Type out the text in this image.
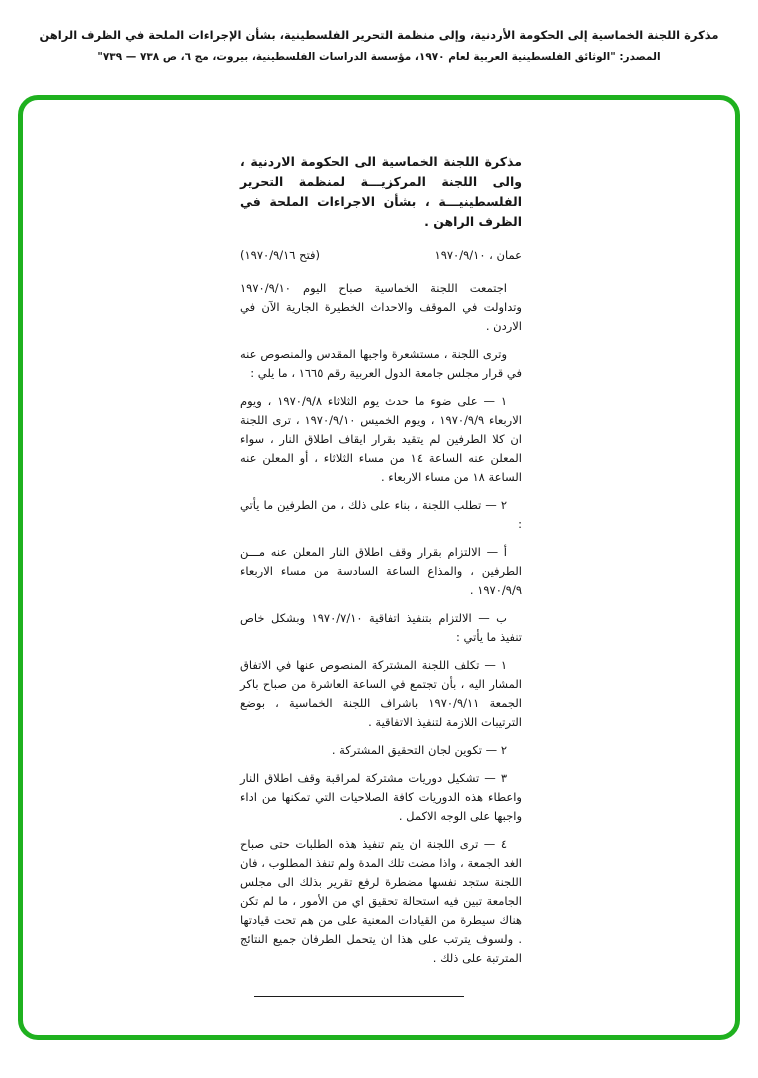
مذكرة اللجنة الخماسية إلى الحكومة الأردنية، وإلى منظمة التحرير الفلسطينية، بشأن الإجراءات الملحة في الظرف الراهن
المصدر: "الوثائق الفلسطينية العربية لعام ١٩٧٠، مؤسسة الدراسات الفلسطينية، بيروت، مج ٦، ص ٧٣٨ — ٧٣٩"
مذكرة اللجنة الخماسية الى الحكومة الاردنية ، والى اللجنة المركزيـــة لمنظمة التحرير الفلسطينيـــة ، بشأن الاجراءات الملحة في الظرف الراهن .
عمان ، ١٩٧٠/٩/١٠
(فتح ١٩٧٠/٩/١٦)

اجتمعت اللجنة الخماسية صباح اليوم ١٩٧٠/٩/١٠ وتداولت في الموقف والاحداث الخطيرة الجارية الآن في الاردن .

وترى اللجنة ، مستشعرة واجبها المقدس والمنصوص عنه في قرار مجلس جامعة الدول العربية رقم ١٦٦٥ ، ما يلي :

١ — على ضوء ما حدث يوم الثلاثاء ١٩٧٠/٩/٨ ، ويوم الاربعاء ١٩٧٠/٩/٩ ، ويوم الخميس ١٩٧٠/٩/١٠ ، ترى اللجنة ان كلا الطرفين لم يتقيد بقرار ايقاف اطلاق النار ، سواء المعلن عنه الساعة ١٤ من مساء الثلاثاء ، أو المعلن عنه الساعة ١٨ من مساء الاربعاء .

٢ — تطلب اللجنة ، بناء على ذلك ، من الطرفين ما يأتي :

أ — الالتزام بقرار وقف اطلاق النار المعلن عنه مـــن الطرفين ، والمذاع الساعة السادسة من مساء الاربعاء ١٩٧٠/٩/٩ .

ب — الالتزام بتنفيذ اتفاقية ١٩٧٠/٧/١٠ وبشكل خاص تنفيذ ما يأتي :

١ — تكلف اللجنة المشتركة المنصوص عنها في الاتفاق المشار اليه ، بأن تجتمع في الساعة العاشرة من صباح باكر الجمعة ١٩٧٠/٩/١١ باشراف اللجنة الخماسية ، بوضع الترتيبات اللازمة لتنفيذ الاتفاقية .

٢ — تكوين لجان التحقيق المشتركة .

٣ — تشكيل دوريات مشتركة لمراقبة وقف اطلاق النار واعطاء هذه الدوريات كافة الصلاحيات التي تمكنها من اداء واجبها على الوجه الاكمل .

٤ — ترى اللجنة ان يتم تنفيذ هذه الطلبات حتى صباح الغد الجمعة ، واذا مضت تلك المدة ولم تنفذ المطلوب ، فان اللجنة ستجد نفسها مضطرة لرفع تقرير بذلك الى مجلس الجامعة تبين فيه استحالة تحقيق اي من الأمور ، ما لم تكن هناك سيطرة من القيادات المعنية على من هم تحت قيادتها . ولسوف يترتب على هذا ان يتحمل الطرفان جميع النتائج المترتبة على ذلك .
